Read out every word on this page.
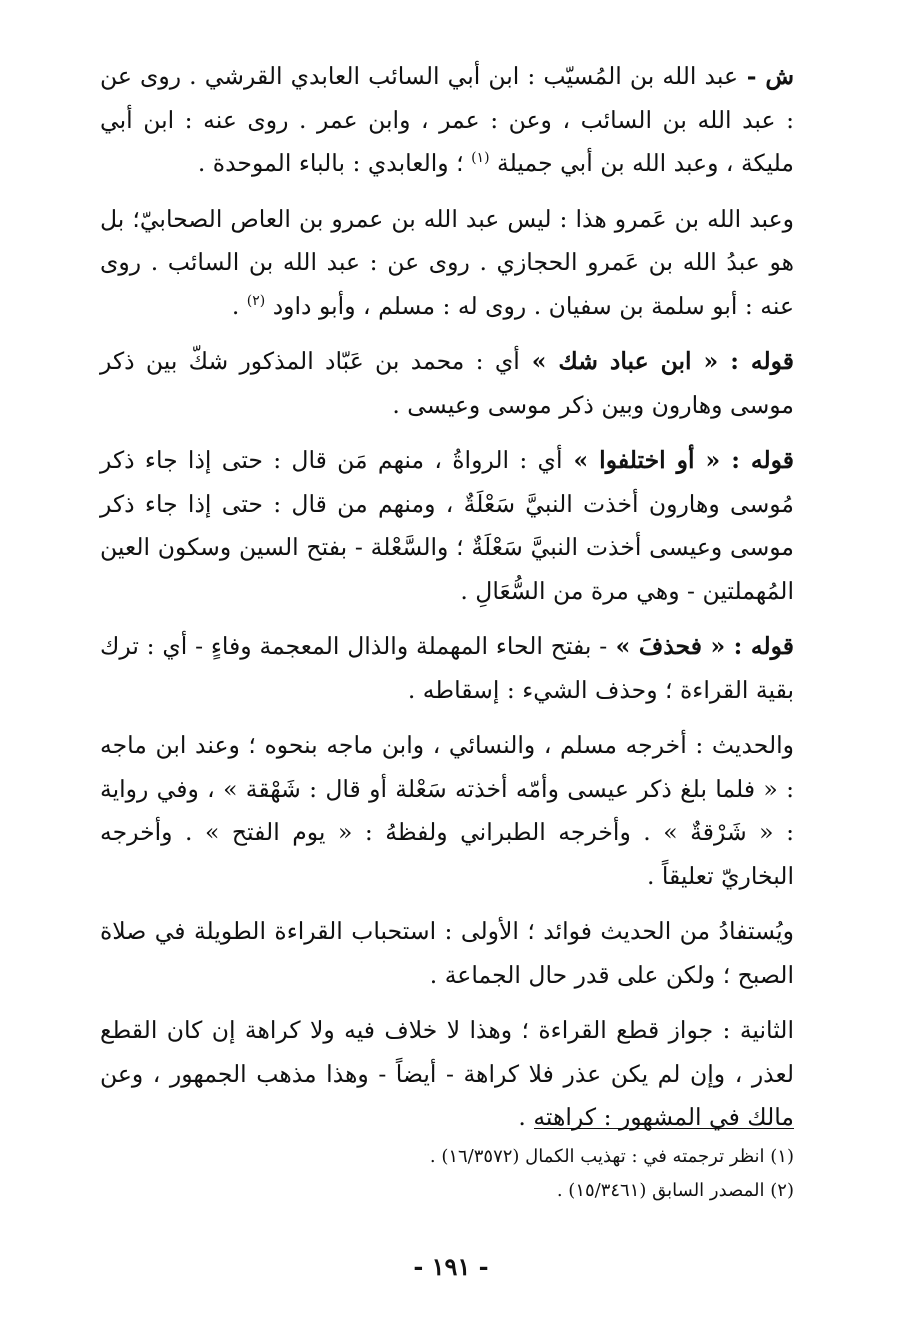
ش - عبد الله بن المُسيّب : ابن أبي السائب العابدي القرشي . روى عن : عبد الله بن السائب ، وعن : عمر ، وابن عمر . روى عنه : ابن أبي مليكة ، وعبد الله بن أبي جميلة $^{(١)}$ ؛ والعابدي : بالباء الموحدة .

وعبد الله بن عَمرو هذا : ليس عبد الله بن عمرو بن العاص الصحابيّ؛ بل هو عبدُ الله بن عَمرو الحجازي . روى عن : عبد الله بن السائب . روى عنه : أبو سلمة بن سفيان . روى له : مسلم ، وأبو داود $^{(٢)}$ .

قوله : « ابن عباد شك » أي : محمد بن عَبّاد المذكور شكّ بين ذكر موسى وهارون وبين ذكر موسى وعيسى .

قوله : « أو اختلفوا » أي : الرواةُ ، منهم مَن قال : حتى إذا جاء ذكر مُوسى وهارون أخذت النبيَّ سَعْلَةٌ ، ومنهم من قال : حتى إذا جاء ذكر موسى وعيسى أخذت النبيَّ سَعْلَةٌ ؛ والسَّعْلة - بفتح السين وسكون العين المُهملتين - وهي مرة من السُّعَالِ .

قوله : « فحذفَ » - بفتح الحاء المهملة والذال المعجمة وفاءٍ - أي : ترك بقية القراءة ؛ وحذف الشيء : إسقاطه .

والحديث : أخرجه مسلم ، والنسائي ، وابن ماجه بنحوه ؛ وعند ابن ماجه : « فلما بلغ ذكر عيسى وأمّه أخذته سَعْلة أو قال : شَهْقة » ، وفي رواية : « شَرْقةٌ » . وأخرجه الطبراني ولفظهُ : « يوم الفتح » . وأخرجه البخاريّ تعليقاً .

ويُستفادُ من الحديث فوائد ؛ الأولى : استحباب القراءة الطويلة في صلاة الصبح ؛ ولكن على قدر حال الجماعة .

الثانية : جواز قطع القراءة ؛ وهذا لا خلاف فيه ولا كراهة إن كان القطع لعذر ، وإن لم يكن عذر فلا كراهة - أيضاً - وهذا مذهب الجمهور ، وعن مالك في المشهور : كراهته .

(١) انظر ترجمته في : تهذيب الكمال (١٦/٣٥٧٢) .

(٢) المصدر السابق (١٥/٣٤٦١) .

- ١٩١ -
